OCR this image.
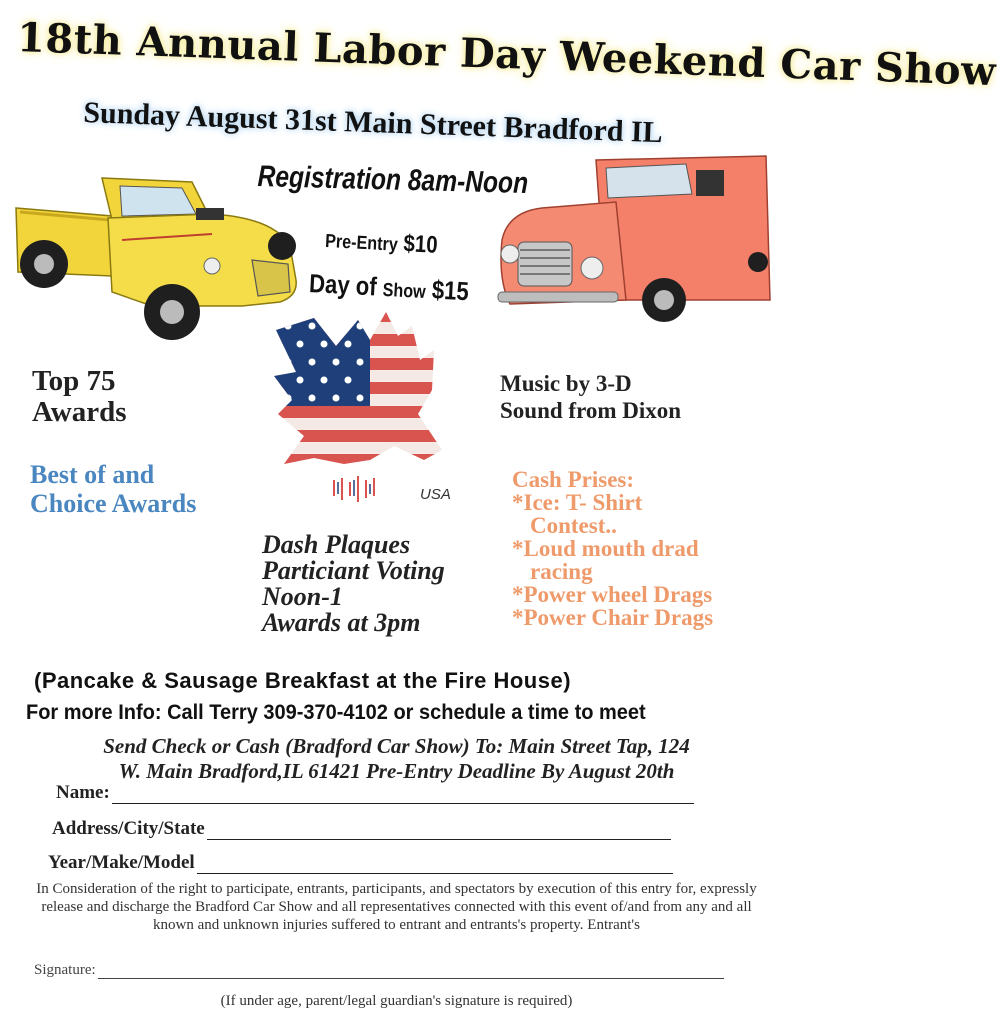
18th Annual Labor Day Weekend Car Show
Sunday August 31st Main Street Bradford IL
Registration 8am-Noon
Pre-Entry $10
Day of Show $15
USA
Top 75
Awards
Best of and
Choice Awards
Music by 3-D
Sound from Dixon
Cash Prises:
*Ice: T- Shirt
Contest..
*Loud mouth drad
racing
*Power wheel Drags
*Power Chair Drags
Dash Plaques
Particiant Voting
Noon-1
Awards at 3pm
(Pancake & Sausage Breakfast at the Fire House)
For more Info: Call Terry 309-370-4102 or schedule a time to meet
Send Check or Cash (Bradford Car Show) To: Main Street Tap, 124
W. Main Bradford,IL 61421 Pre-Entry Deadline By August 20th
Name:
Address/City/State
Year/Make/Model
In Consideration of the right to participate, entrants, participants, and spectators by execution of this entry for, expressly release and discharge the Bradford Car Show and all representatives connected with this event of/and from any and all known and unknown injuries suffered to entrant and entrants's property. Entrant's
Signature:
(If under age, parent/legal guardian's signature is required)
